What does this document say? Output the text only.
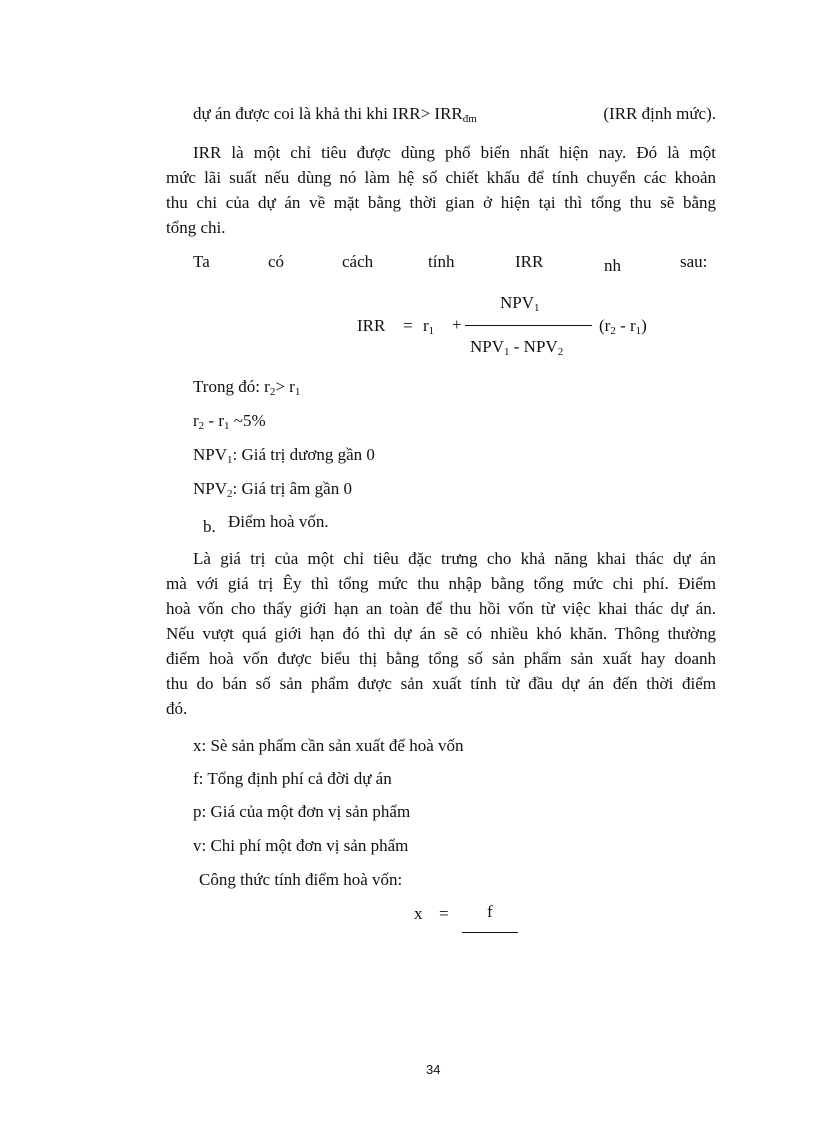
dự án được coi là khả thi khi $IRR> IRR_{đm}$	(IRR định mức).
IRR là một chỉ tiêu được dùng phổ biến nhất hiện nay. Đó là một
mức lãi suất nếu dùng nó làm hệ số chiết khấu để tính chuyển các khoản
thu chi của dự án về mặt bằng thời gian ở hiện tại thì tổng thu sẽ bằng
tổng chi.
Ta	có	cách	tính	IRR	nh	sau:
IRR = $r_1$ +
$NPV_1$
$NPV_1 - NPV_2$
$(r_2 - r_1)$
Trong đó: $r_2> r_1$
$r_2 - r_1$ ~5%
$NPV_1$: Giá trị dương gần 0
$NPV_2$: Giá trị âm gần 0
b. Điểm hoà vốn.
Là giá trị của một chỉ tiêu đặc trưng cho khả năng khai thác dự án
mà với giá trị Êy thì tổng mức thu nhập bằng tổng mức chi phí. Điểm
hoà vốn cho thấy giới hạn an toàn để thu hồi vốn từ việc khai thác dự án.
Nếu vượt quá giới hạn đó thì dự án sẽ có nhiều khó khăn. Thông thường
điểm hoà vốn được biểu thị bằng tổng số sản phẩm sản xuất hay doanh
thu do bán số sản phẩm được sản xuất tính từ đầu dự án đến thời điểm
đó.
x: Sè sản phẩm cần sản xuất để hoà vốn
f: Tổng định phí cả đời dự án
p: Giá của một đơn vị sản phẩm
v: Chi phí một đơn vị sản phẩm
Công thức tính điểm hoà vốn:
x = f
34
